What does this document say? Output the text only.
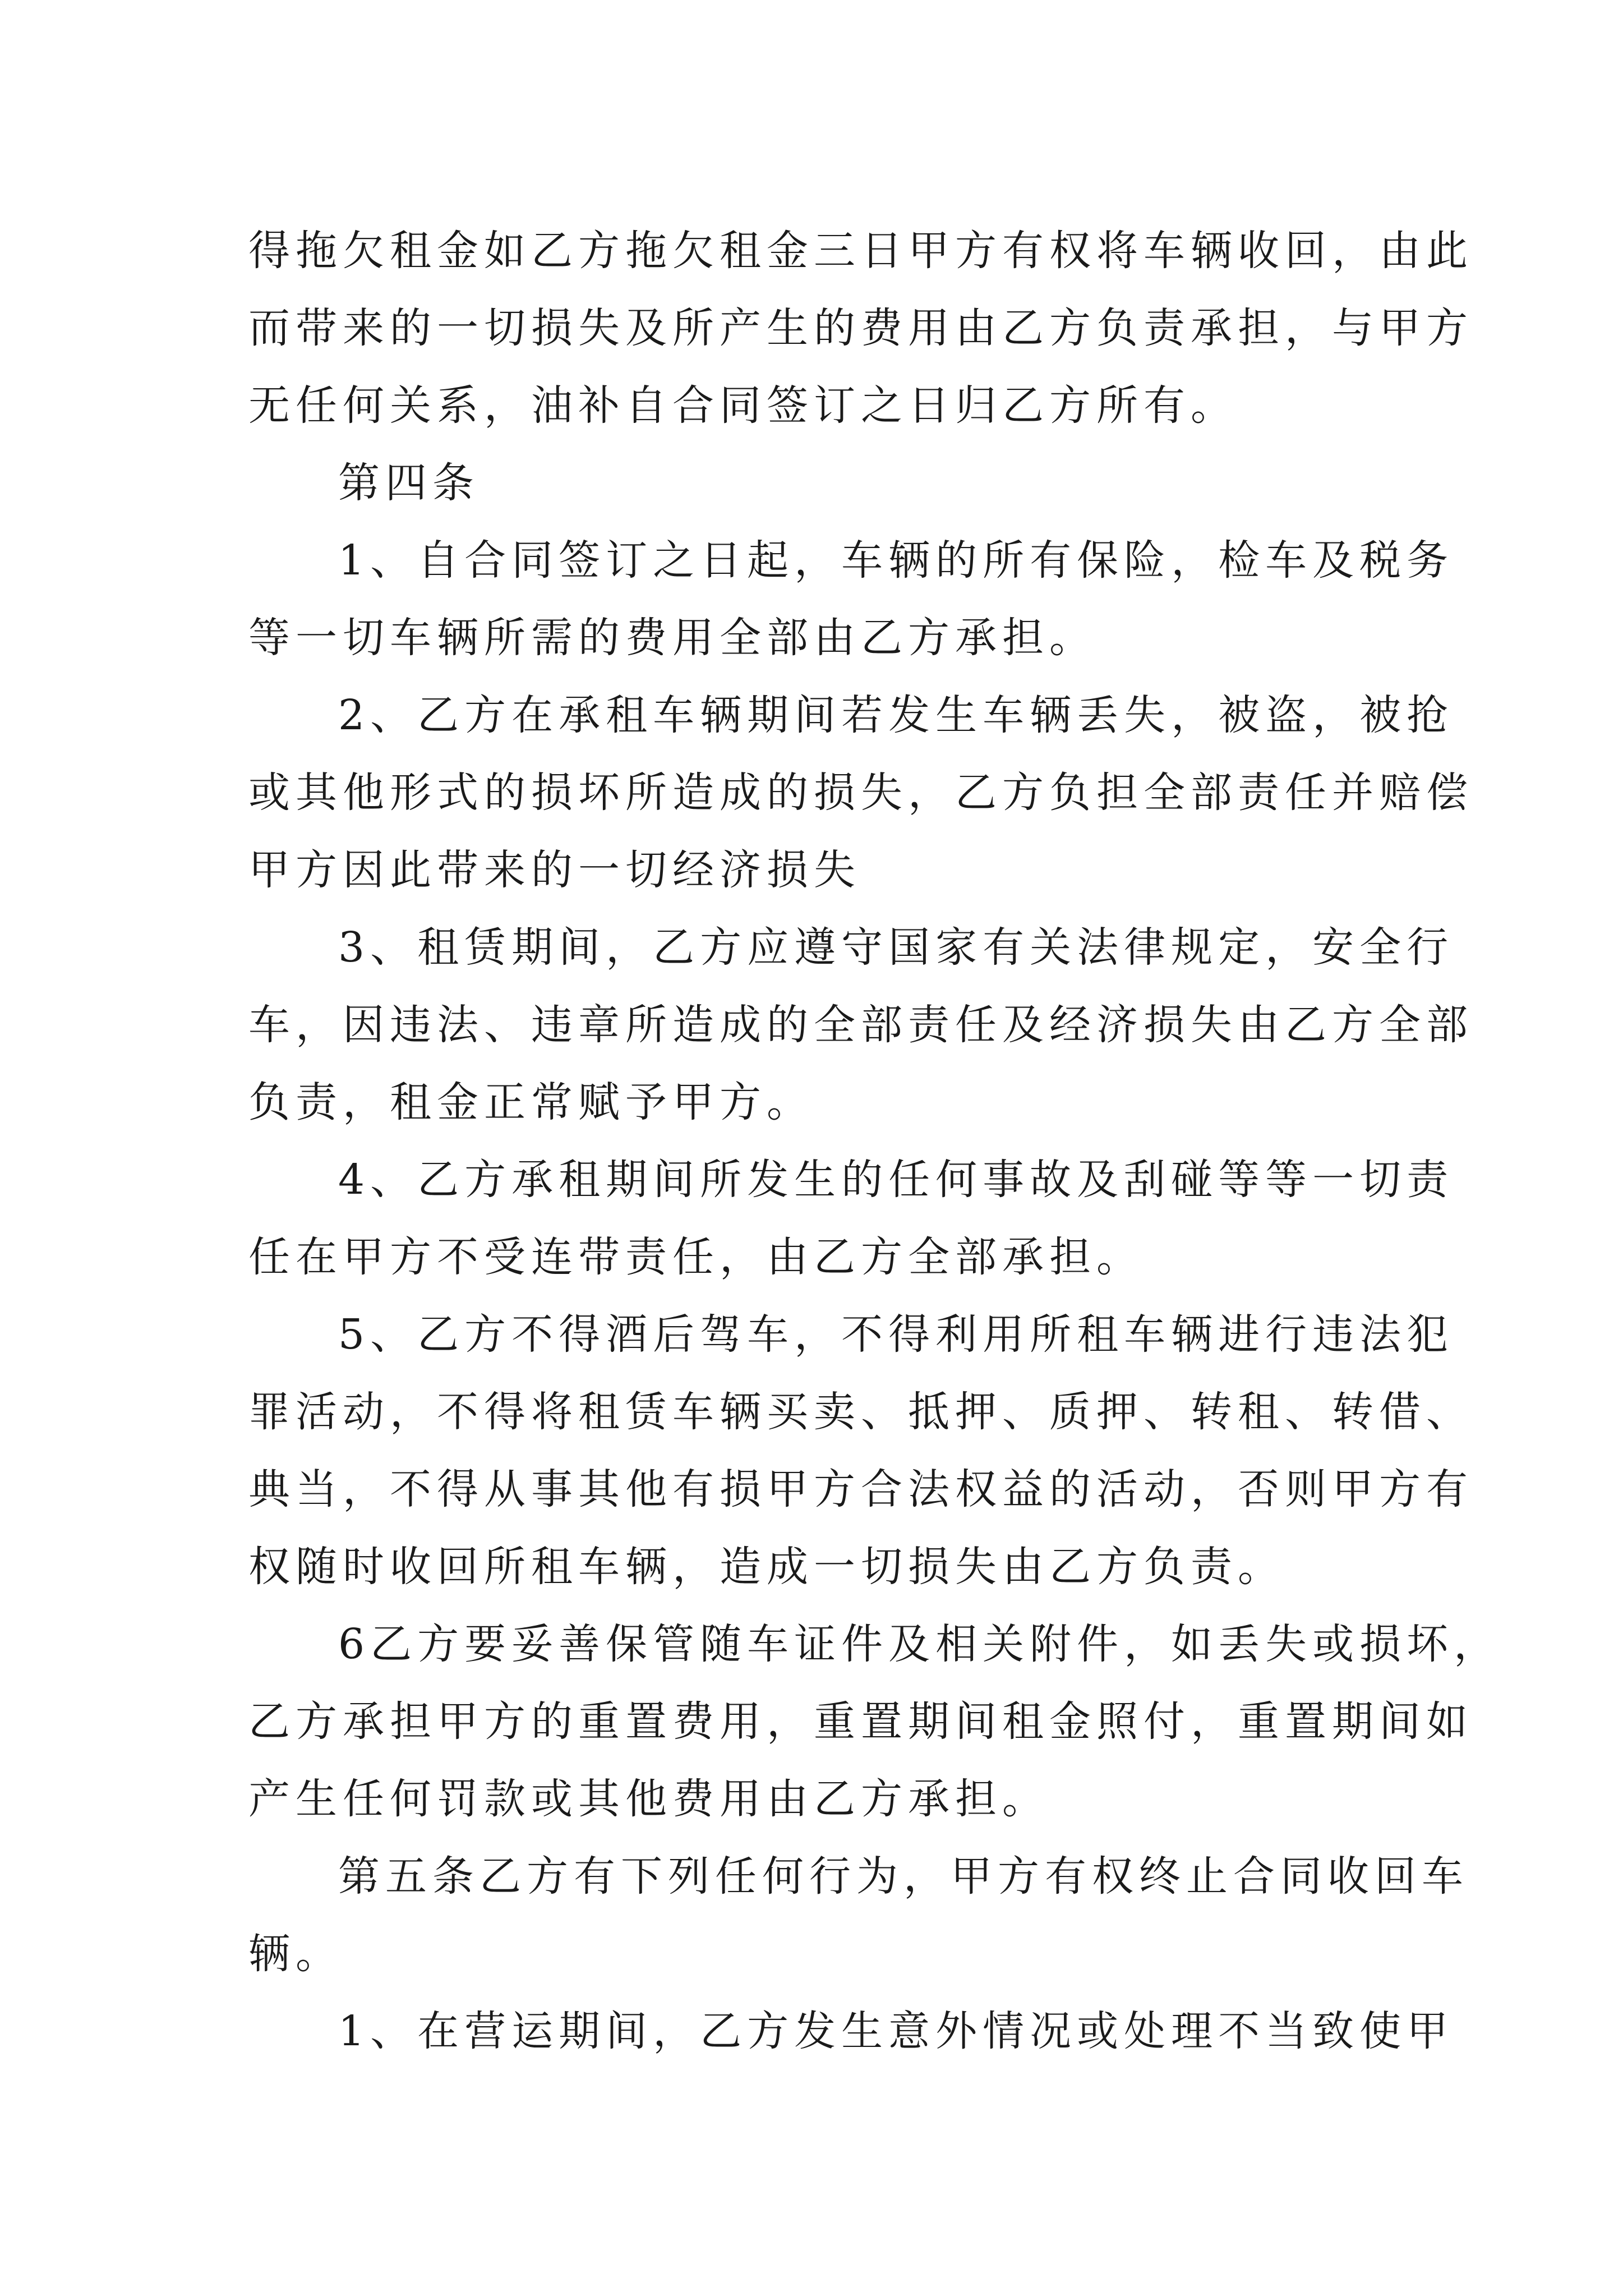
得拖欠租金如乙方拖欠租金三日甲方有权将车辆收回，由此
而带来的一切损失及所产生的费用由乙方负责承担，与甲方
无任何关系，油补自合同签订之日归乙方所有。
第四条
1、自合同签订之日起，车辆的所有保险，检车及税务
等一切车辆所需的费用全部由乙方承担。
2、乙方在承租车辆期间若发生车辆丢失，被盗，被抢
或其他形式的损坏所造成的损失，乙方负担全部责任并赔偿
甲方因此带来的一切经济损失
3、租赁期间，乙方应遵守国家有关法律规定，安全行
车，因违法、违章所造成的全部责任及经济损失由乙方全部
负责，租金正常赋予甲方。
4、乙方承租期间所发生的任何事故及刮碰等等一切责
任在甲方不受连带责任，由乙方全部承担。
5、乙方不得酒后驾车，不得利用所租车辆进行违法犯
罪活动，不得将租赁车辆买卖、抵押、质押、转租、转借、
典当，不得从事其他有损甲方合法权益的活动，否则甲方有
权随时收回所租车辆，造成一切损失由乙方负责。
6乙方要妥善保管随车证件及相关附件，如丢失或损坏，
乙方承担甲方的重置费用，重置期间租金照付，重置期间如
产生任何罚款或其他费用由乙方承担。
第五条乙方有下列任何行为，甲方有权终止合同收回车
辆。
1、在营运期间，乙方发生意外情况或处理不当致使甲
